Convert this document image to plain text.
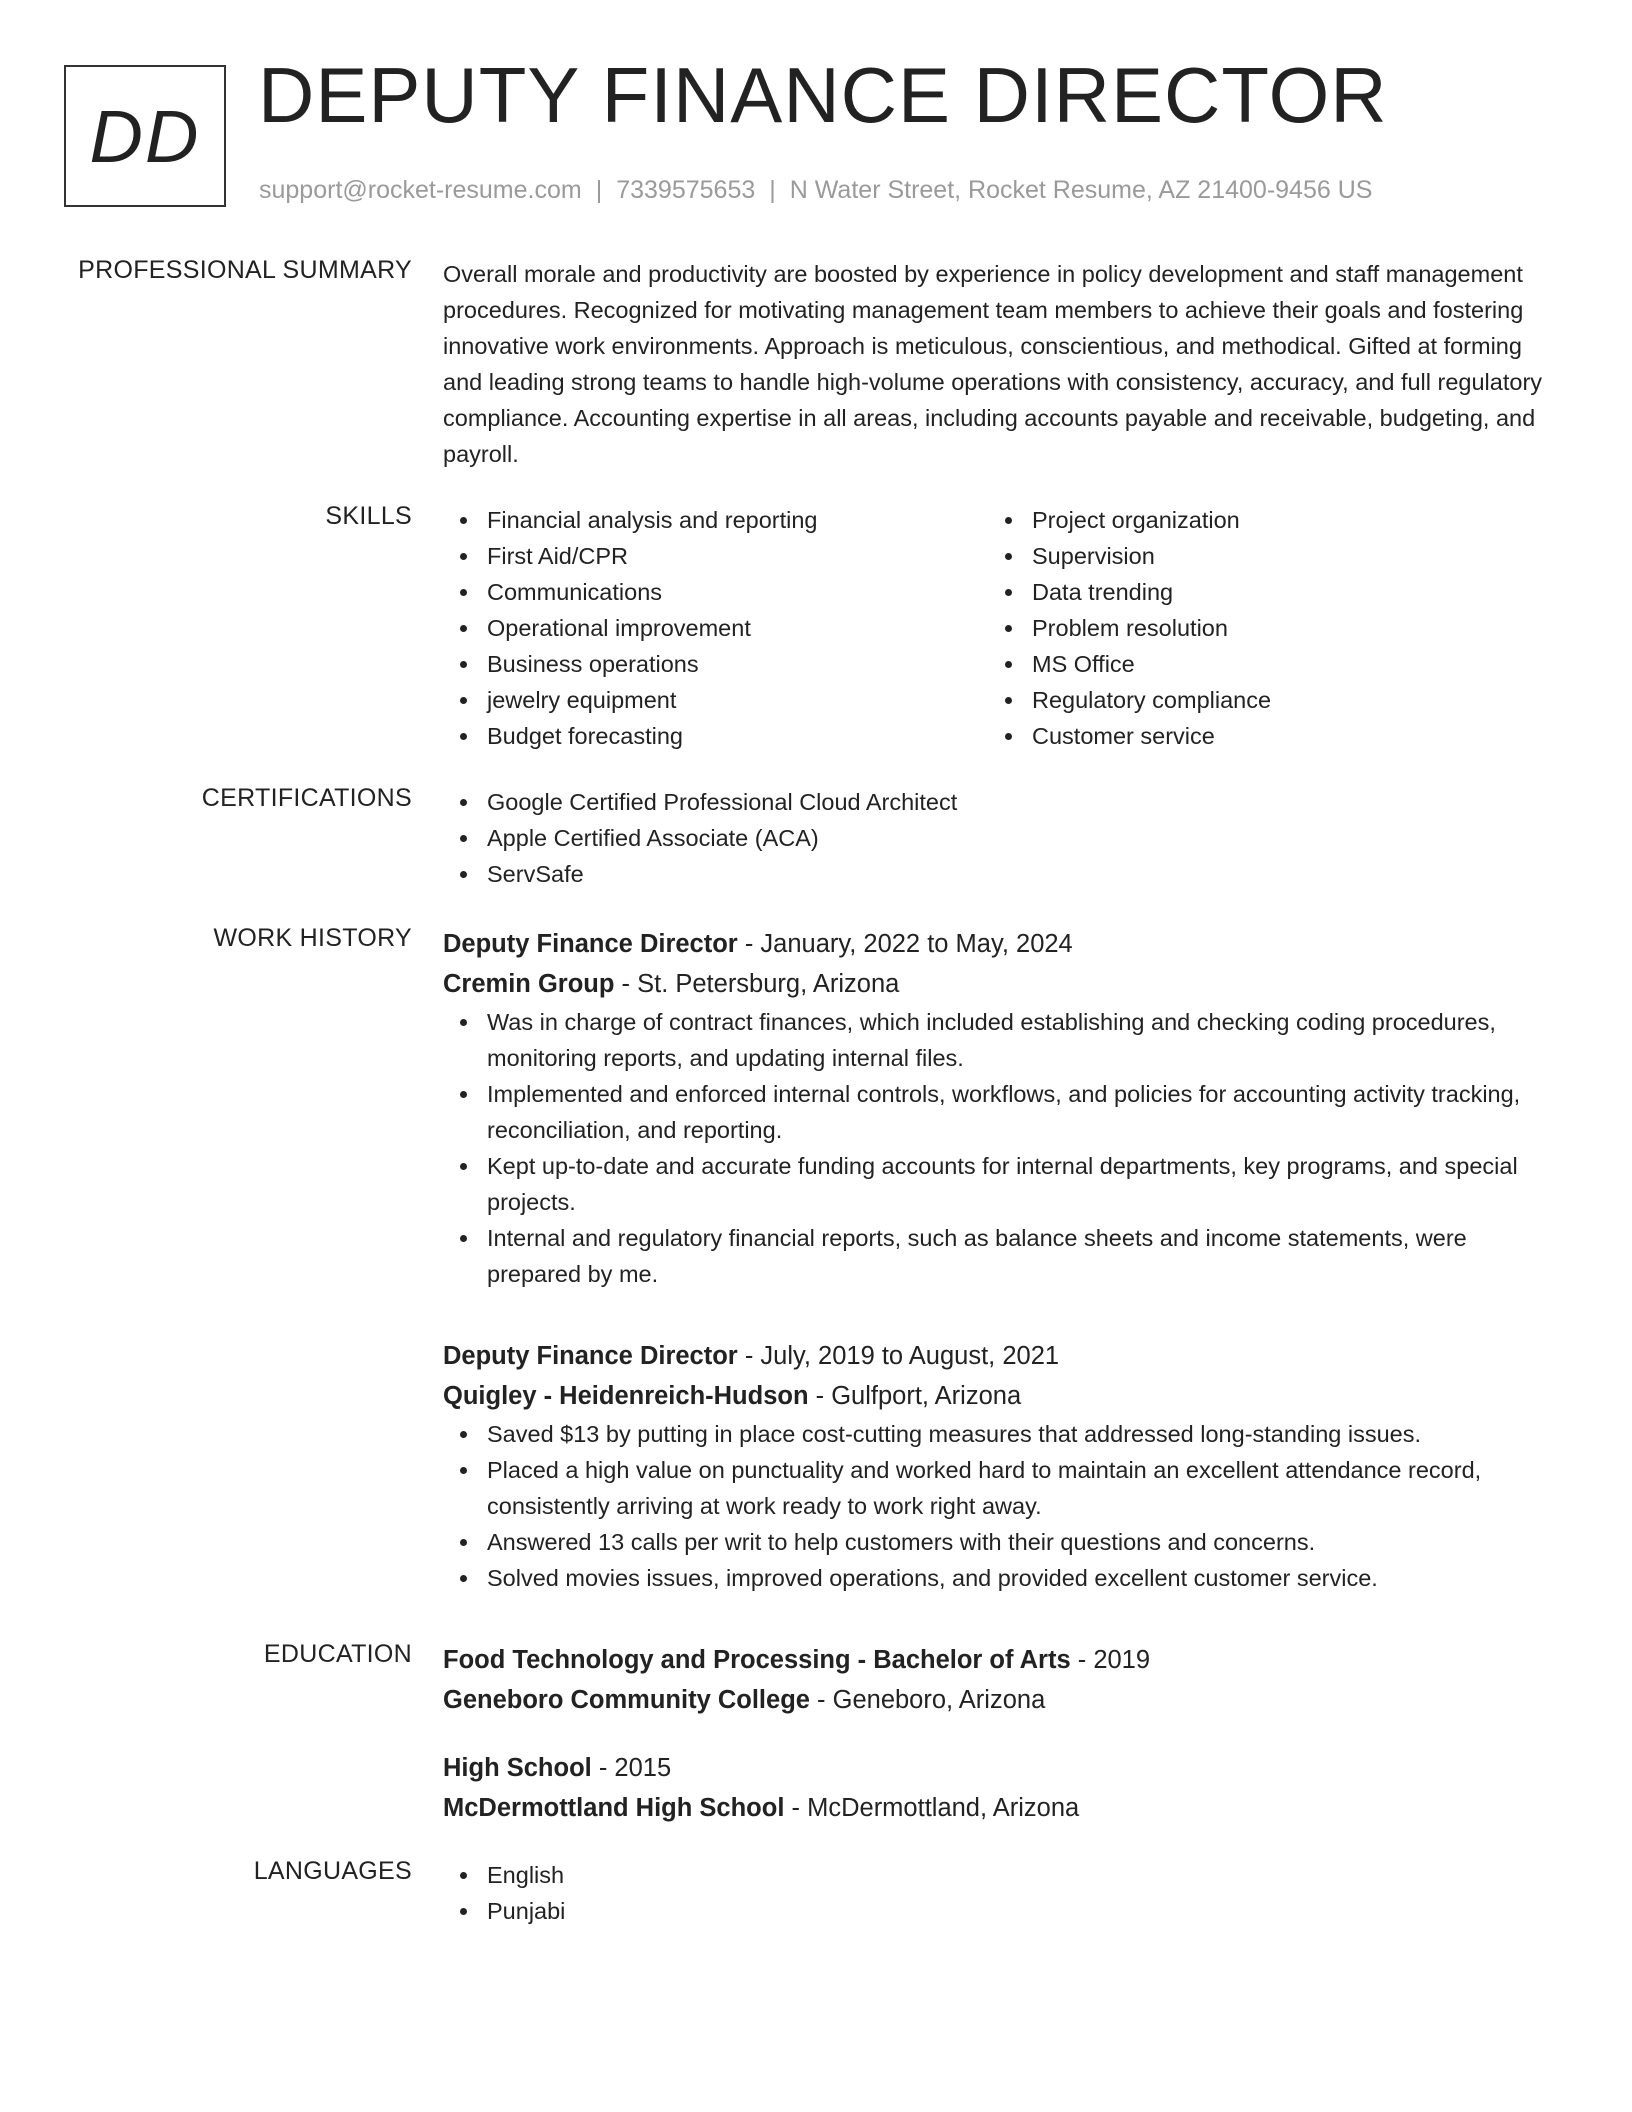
DD DEPUTY FINANCE DIRECTOR
support@rocket-resume.com | 7339575653 | N Water Street, Rocket Resume, AZ 21400-9456 US
PROFESSIONAL SUMMARY Overall morale and productivity are boosted by experience in policy development and staff management procedures. Recognized for motivating management team members to achieve their goals and fostering innovative work environments. Approach is meticulous, conscientious, and methodical. Gifted at forming and leading strong teams to handle high-volume operations with consistency, accuracy, and full regulatory compliance. Accounting expertise in all areas, including accounts payable and receivable, budgeting, and payroll.

SKILLS	Financial analysis and reporting
First Aid/CPR
Communications
Operational improvement
Business operations
jewelry equipment
Budget forecasting
Project organization
Supervision
Data trending
Problem resolution
MS Office
Regulatory compliance
Customer service
CERTIFICATIONS	Google Certified Professional Cloud Architect
Apple Certified Associate (ACA)
ServSafe
WORK HISTORY Deputy Finance Director - January, 2022 to May, 2024
Cremin Group - St. Petersburg, Arizona
Was in charge of contract finances, which included establishing and checking coding procedures, monitoring reports, and updating internal files.
Implemented and enforced internal controls, workflows, and policies for accounting activity tracking, reconciliation, and reporting.
Kept up-to-date and accurate funding accounts for internal departments, key programs, and special projects.
Internal and regulatory financial reports, such as balance sheets and income statements, were prepared by me.
Deputy Finance Director - July, 2019 to August, 2021
Quigley - Heidenreich-Hudson - Gulfport, Arizona
Saved $13 by putting in place cost-cutting measures that addressed long-standing issues.
Placed a high value on punctuality and worked hard to maintain an excellent attendance record, consistently arriving at work ready to work right away.
Answered 13 calls per writ to help customers with their questions and concerns.
Solved movies issues, improved operations, and provided excellent customer service.
EDUCATION Food Technology and Processing - Bachelor of Arts - 2019
Geneboro Community College - Geneboro, Arizona
High School - 2015
McDermottland High School - McDermottland, Arizona
LANGUAGES	English
Punjabi
